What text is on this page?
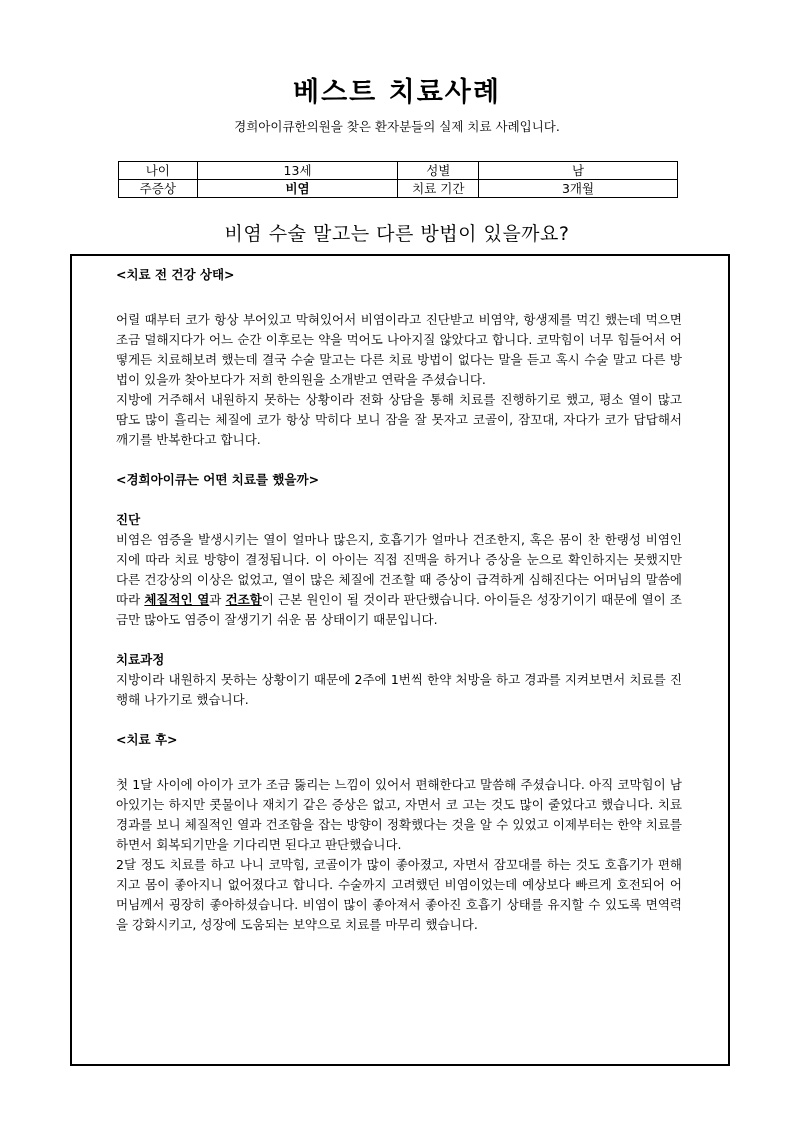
베스트 치료사례
경희아이큐한의원을 찾은 환자분들의 실제 치료 사례입니다.
나이	13세	성별	남
주증상	비염	치료 기간	3개월
비염 수술 말고는 다른 방법이 있을까요?

<치료 전 건강 상태>

어릴 때부터 코가 항상 부어있고 막혀있어서 비염이라고 진단받고 비염약, 항생제를 먹긴 했는데 먹으면 조금 덜해지다가 어느 순간 이후로는 약을 먹어도 나아지질 않았다고 합니다. 코막힘이 너무 힘들어서 어떻게든 치료해보려 했는데 결국 수술 말고는 다른 치료 방법이 없다는 말을 듣고 혹시 수술 말고 다른 방법이 있을까 찾아보다가 저희 한의원을 소개받고 연락을 주셨습니다.

지방에 거주해서 내원하지 못하는 상황이라 전화 상담을 통해 치료를 진행하기로 했고, 평소 열이 많고 땀도 많이 흘리는 체질에 코가 항상 막히다 보니 잠을 잘 못자고 코골이, 잠꼬대, 자다가 코가 답답해서 깨기를 반복한다고 합니다.

<경희아이큐는 어떤 치료를 했을까>

진단

비염은 염증을 발생시키는 열이 얼마나 많은지, 호흡기가 얼마나 건조한지, 혹은 몸이 찬 한랭성 비염인지에 따라 치료 방향이 결정됩니다. 이 아이는 직접 진맥을 하거나 증상을 눈으로 확인하지는 못했지만 다른 건강상의 이상은 없었고, 열이 많은 체질에 건조할 때 증상이 급격하게 심해진다는 어머님의 말씀에 따라 체질적인 열과 건조함이 근본 원인이 될 것이라 판단했습니다. 아이들은 성장기이기 때문에 열이 조금만 많아도 염증이 잘생기기 쉬운 몸 상태이기 때문입니다.

치료과정

지방이라 내원하지 못하는 상황이기 때문에 2주에 1번씩 한약 처방을 하고 경과를 지켜보면서 치료를 진행해 나가기로 했습니다.

<치료 후>

첫 1달 사이에 아이가 코가 조금 뚫리는 느낌이 있어서 편해한다고 말씀해 주셨습니다. 아직 코막힘이 남아있기는 하지만 콧물이나 재치기 같은 증상은 없고, 자면서 코 고는 것도 많이 줄었다고 했습니다. 치료 경과를 보니 체질적인 열과 건조함을 잡는 방향이 정확했다는 것을 알 수 있었고 이제부터는 한약 치료를 하면서 회복되기만을 기다리면 된다고 판단했습니다.

2달 정도 치료를 하고 나니 코막힘, 코골이가 많이 좋아졌고, 자면서 잠꼬대를 하는 것도 호흡기가 편해지고 몸이 좋아지니 없어졌다고 합니다. 수술까지 고려했던 비염이었는데 예상보다 빠르게 호전되어 어머님께서 굉장히 좋아하셨습니다. 비염이 많이 좋아져서 좋아진 호흡기 상태를 유지할 수 있도록 면역력을 강화시키고, 성장에 도움되는 보약으로 치료를 마무리 했습니다.
